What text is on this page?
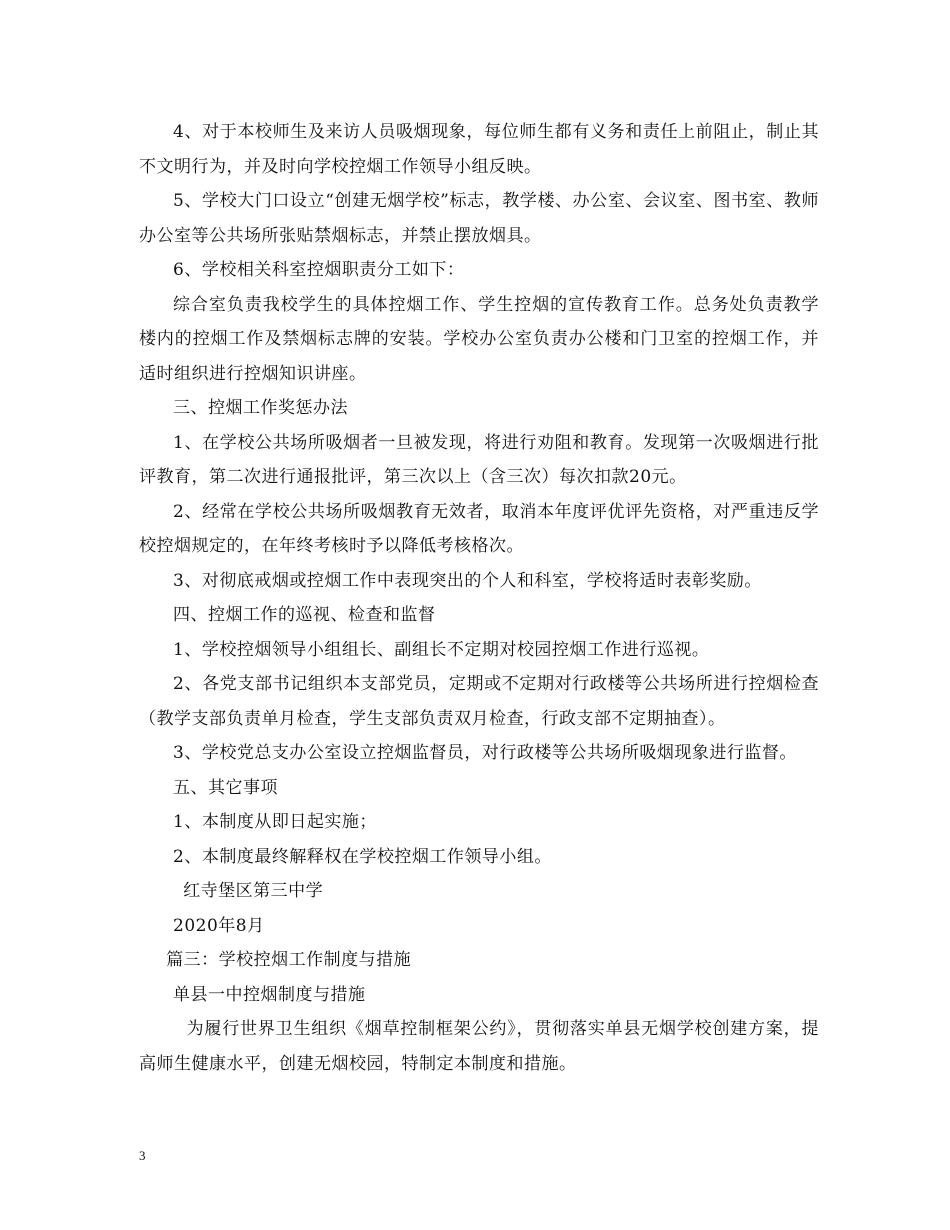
4、对于本校师生及来访人员吸烟现象，每位师生都有义务和责任上前阻止，制止其不文明行为，并及时向学校控烟工作领导小组反映。

5、学校大门口设立“创建无烟学校”标志，教学楼、办公室、会议室、图书室、教师办公室等公共场所张贴禁烟标志，并禁止摆放烟具。

6、学校相关科室控烟职责分工如下：

综合室负责我校学生的具体控烟工作、学生控烟的宣传教育工作。总务处负责教学楼内的控烟工作及禁烟标志牌的安装。学校办公室负责办公楼和门卫室的控烟工作，并适时组织进行控烟知识讲座。

三、控烟工作奖惩办法

1、在学校公共场所吸烟者一旦被发现，将进行劝阻和教育。发现第一次吸烟进行批评教育，第二次进行通报批评，第三次以上（含三次）每次扣款20元。

2、经常在学校公共场所吸烟教育无效者，取消本年度评优评先资格，对严重违反学校控烟规定的，在年终考核时予以降低考核格次。

3、对彻底戒烟或控烟工作中表现突出的个人和科室，学校将适时表彰奖励。

四、控烟工作的巡视、检查和监督

1、学校控烟领导小组组长、副组长不定期对校园控烟工作进行巡视。

2、各党支部书记组织本支部党员，定期或不定期对行政楼等公共场所进行控烟检查（教学支部负责单月检查，学生支部负责双月检查，行政支部不定期抽查）。

3、学校党总支办公室设立控烟监督员，对行政楼等公共场所吸烟现象进行监督。

五、其它事项

1、本制度从即日起实施；

2、本制度最终解释权在学校控烟工作领导小组。

红寺堡区第三中学

2020年8月

篇三：学校控烟工作制度与措施

单县一中控烟制度与措施

为履行世界卫生组织《烟草控制框架公约》，贯彻落实单县无烟学校创建方案，提高师生健康水平，创建无烟校园，特制定本制度和措施。

3
